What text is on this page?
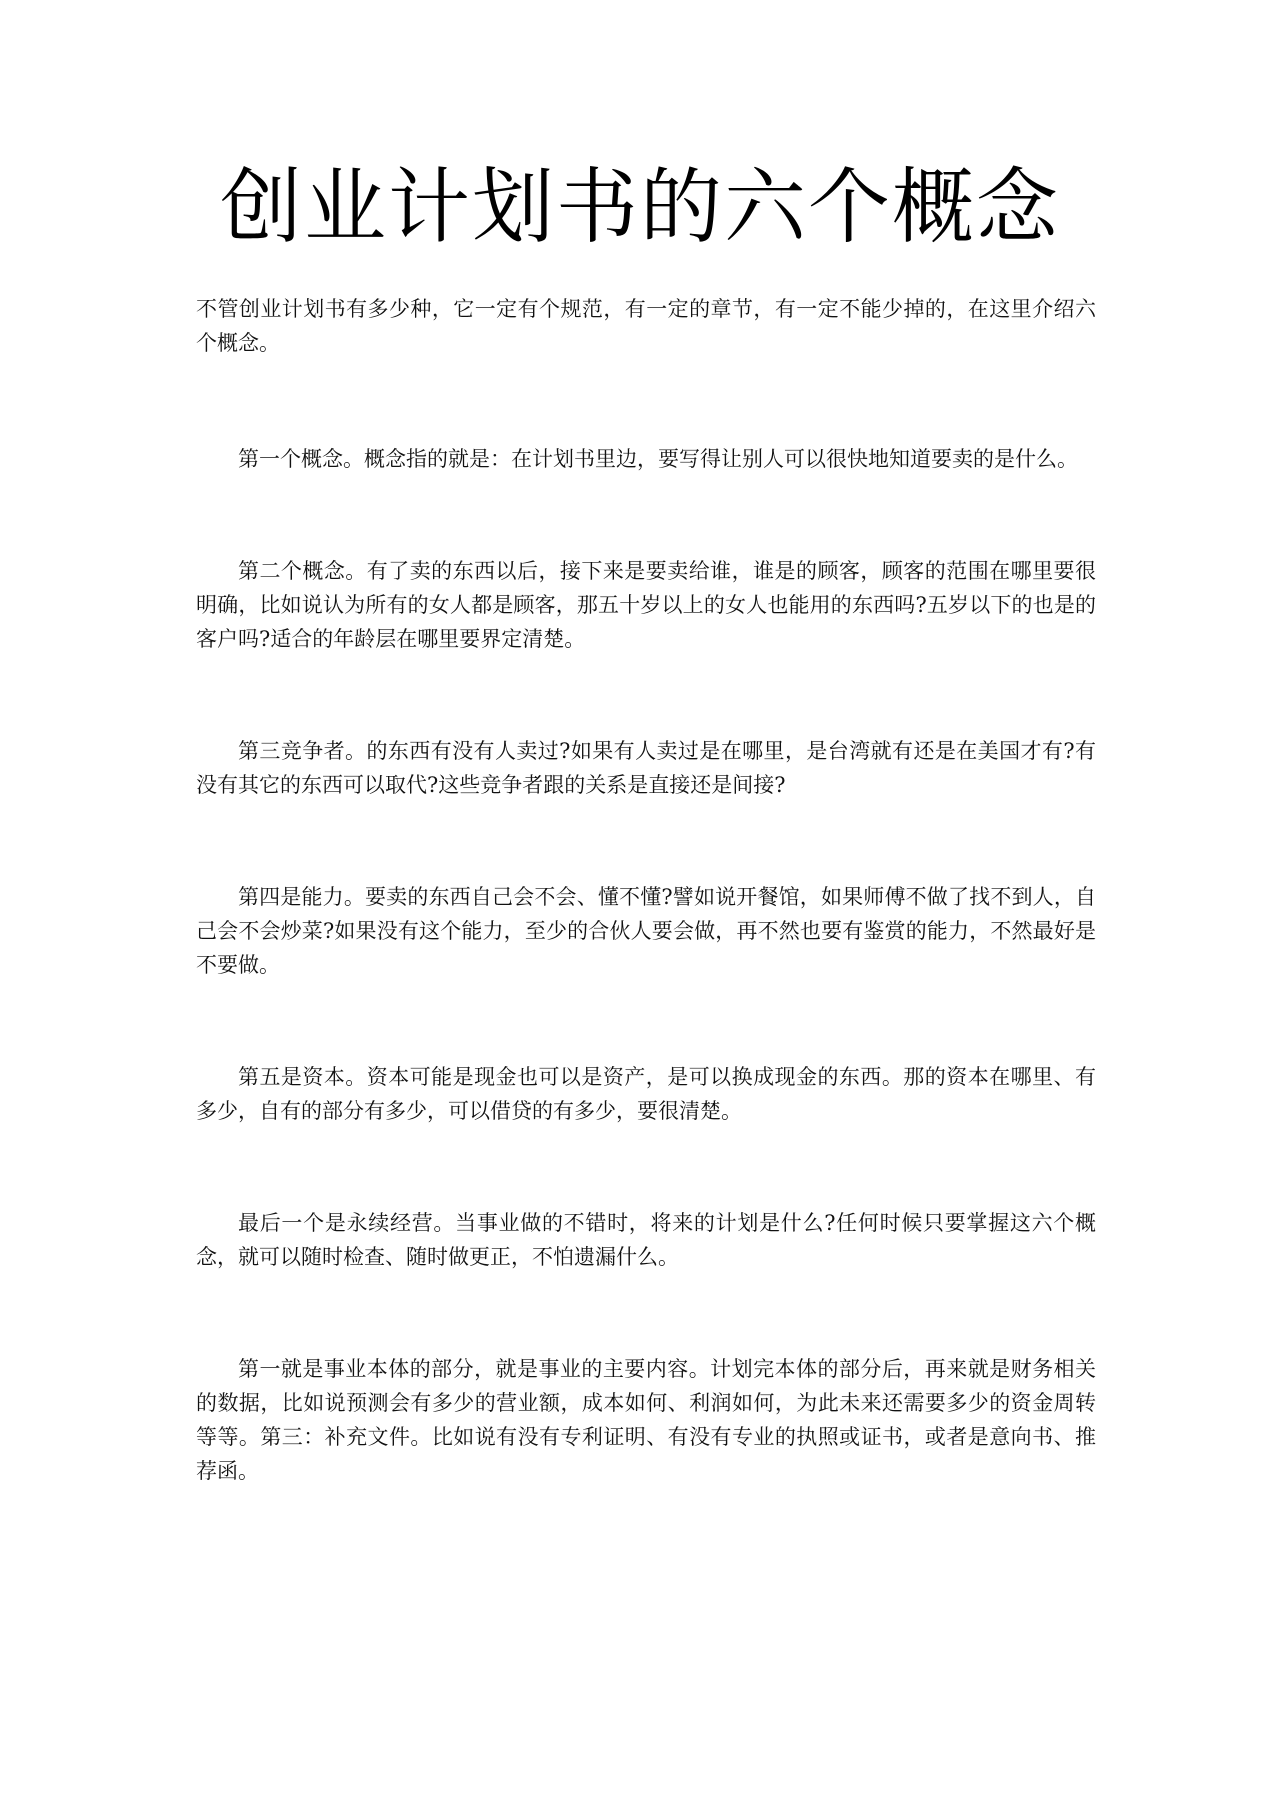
创业计划书的六个概念

不管创业计划书有多少种，它一定有个规范，有一定的章节，有一定不能少掉的，在这里介绍六个概念。

第一个概念。概念指的就是：在计划书里边，要写得让别人可以很快地知道要卖的是什么。

第二个概念。有了卖的东西以后，接下来是要卖给谁，谁是的顾客，顾客的范围在哪里要很明确，比如说认为所有的女人都是顾客，那五十岁以上的女人也能用的东西吗?五岁以下的也是的客户吗?适合的年龄层在哪里要界定清楚。

第三竞争者。的东西有没有人卖过?如果有人卖过是在哪里，是台湾就有还是在美国才有?有没有其它的东西可以取代?这些竞争者跟的关系是直接还是间接?

第四是能力。要卖的东西自己会不会、懂不懂?譬如说开餐馆，如果师傅不做了找不到人，自己会不会炒菜?如果没有这个能力，至少的合伙人要会做，再不然也要有鉴赏的能力，不然最好是不要做。

第五是资本。资本可能是现金也可以是资产，是可以换成现金的东西。那的资本在哪里、有多少，自有的部分有多少，可以借贷的有多少，要很清楚。

最后一个是永续经营。当事业做的不错时，将来的计划是什么?任何时候只要掌握这六个概念，就可以随时检查、随时做更正，不怕遗漏什么。

第一就是事业本体的部分，就是事业的主要内容。计划完本体的部分后，再来就是财务相关的数据，比如说预测会有多少的营业额，成本如何、利润如何，为此未来还需要多少的资金周转等等。第三：补充文件。比如说有没有专利证明、有没有专业的执照或证书，或者是意向书、推荐函。
